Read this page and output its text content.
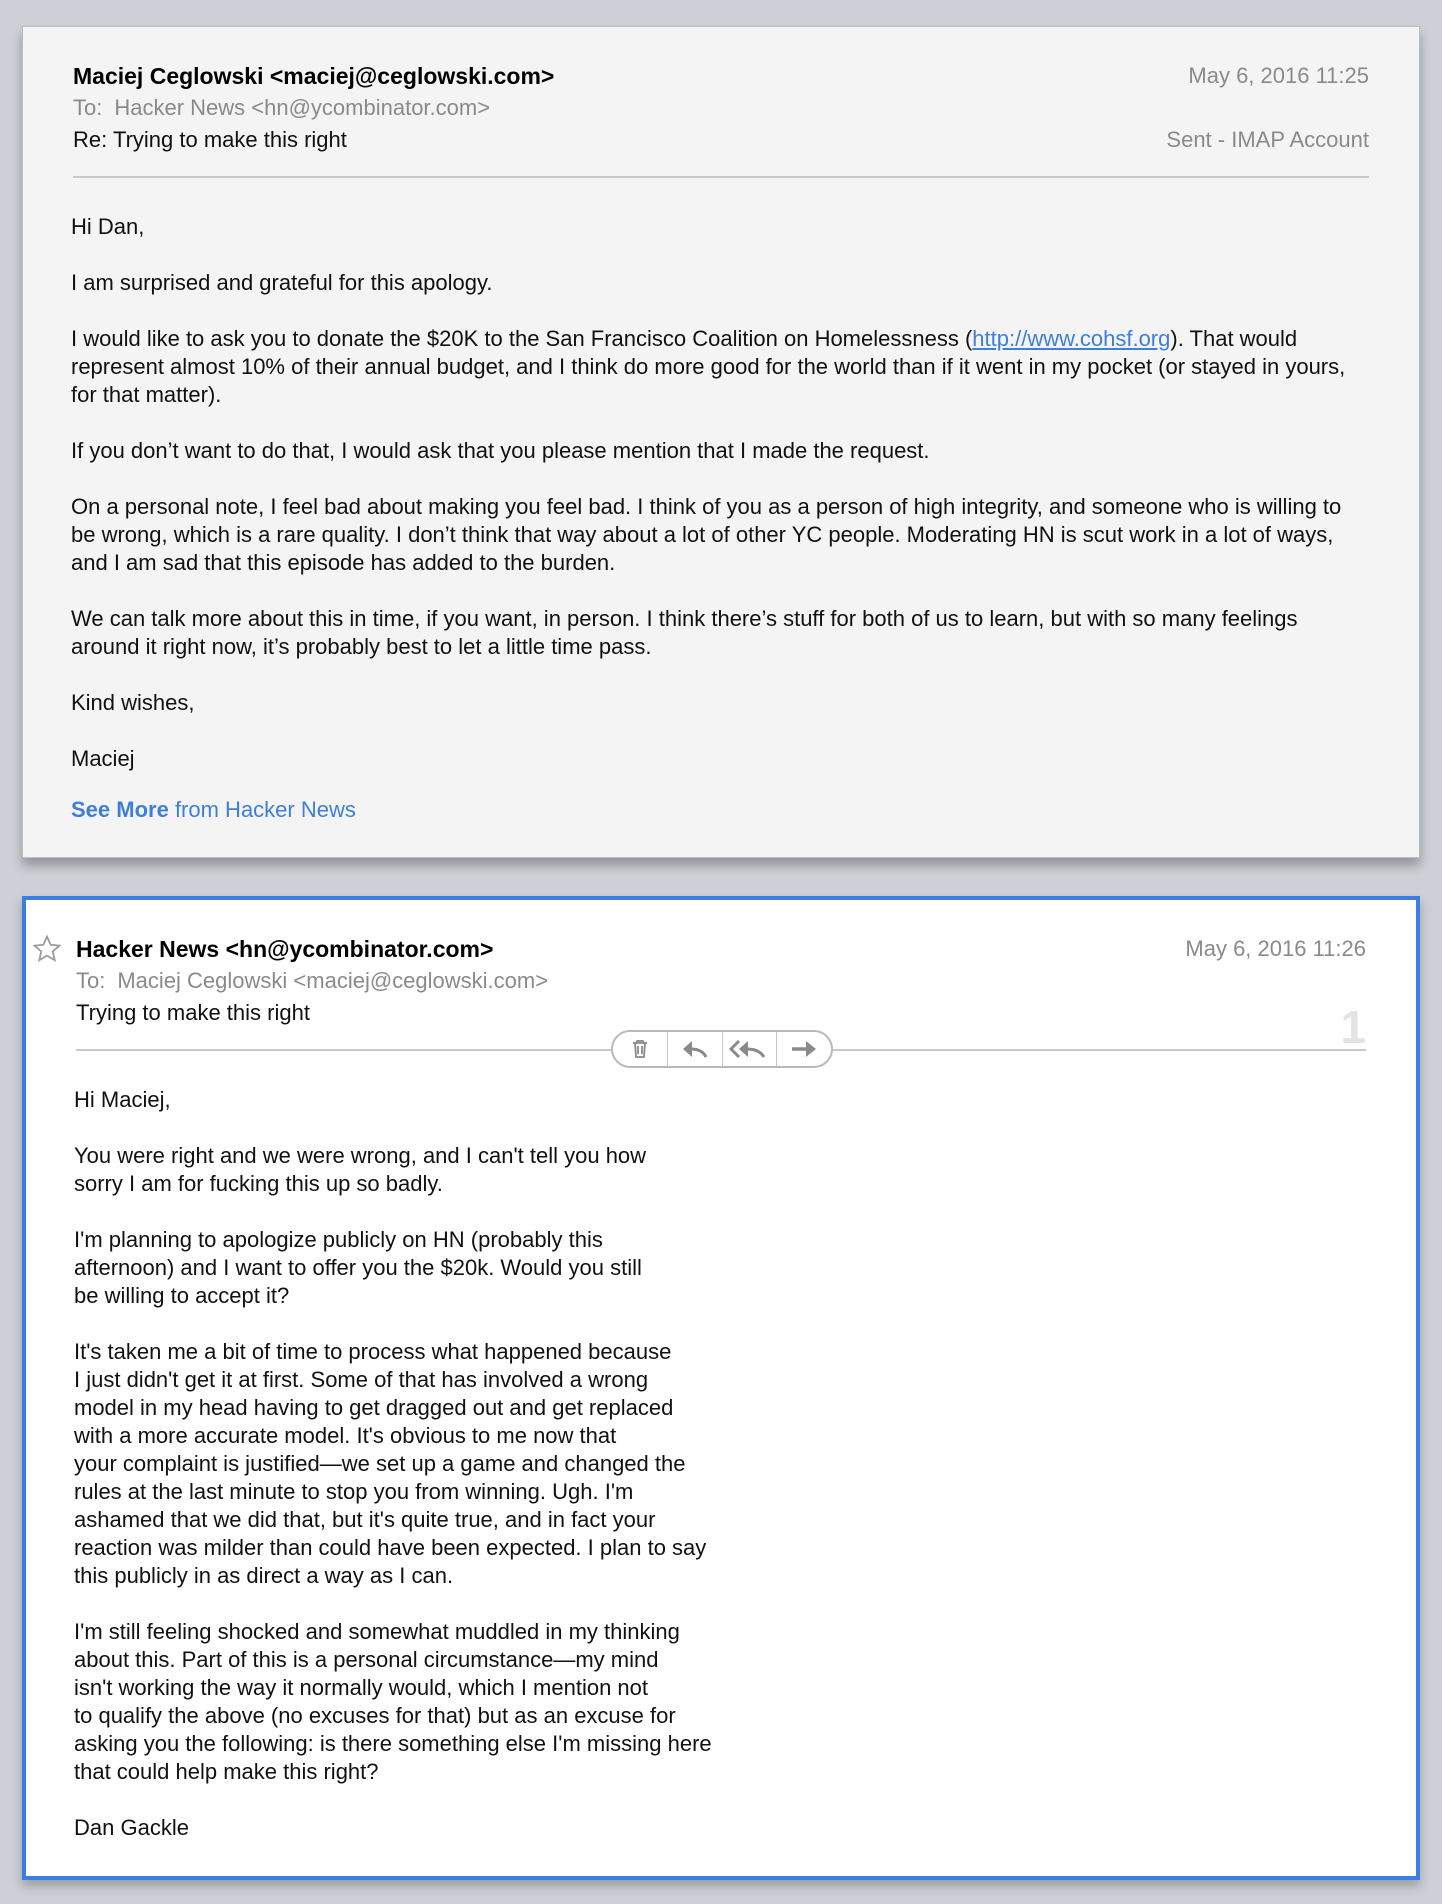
Maciej Ceglowski <maciej@ceglowski.com>	May 6, 2016 11:25
To: Hacker News <hn@ycombinator.com>
Re: Trying to make this right	Sent - IMAP Account

Hi Dan,

I am surprised and grateful for this apology.

I would like to ask you to donate the $20K to the San Francisco Coalition on Homelessness (http://www.cohsf.org). That would represent almost 10% of their annual budget, and I think do more good for the world than if it went in my pocket (or stayed in yours, for that matter).

If you don’t want to do that, I would ask that you please mention that I made the request.

On a personal note, I feel bad about making you feel bad. I think of you as a person of high integrity, and someone who is willing to be wrong, which is a rare quality. I don’t think that way about a lot of other YC people. Moderating HN is scut work in a lot of ways, and I am sad that this episode has added to the burden.

We can talk more about this in time, if you want, in person. I think there’s stuff for both of us to learn, but with so many feelings around it right now, it’s probably best to let a little time pass.

Kind wishes,

Maciej

See More from Hacker News
Hacker News <hn@ycombinator.com>	May 6, 2016 11:26
To: Maciej Ceglowski <maciej@ceglowski.com>
Trying to make this right	1

Hi Maciej,

You were right and we were wrong, and I can't tell you how
sorry I am for fucking this up so badly.

I'm planning to apologize publicly on HN (probably this
afternoon) and I want to offer you the $20k. Would you still
be willing to accept it?

It's taken me a bit of time to process what happened because
I just didn't get it at first. Some of that has involved a wrong
model in my head having to get dragged out and get replaced
with a more accurate model. It's obvious to me now that
your complaint is justified—we set up a game and changed the
rules at the last minute to stop you from winning. Ugh. I'm
ashamed that we did that, but it's quite true, and in fact your
reaction was milder than could have been expected. I plan to say
this publicly in as direct a way as I can.

I'm still feeling shocked and somewhat muddled in my thinking
about this. Part of this is a personal circumstance—my mind
isn't working the way it normally would, which I mention not
to qualify the above (no excuses for that) but as an excuse for
asking you the following: is there something else I'm missing here
that could help make this right?

Dan Gackle
